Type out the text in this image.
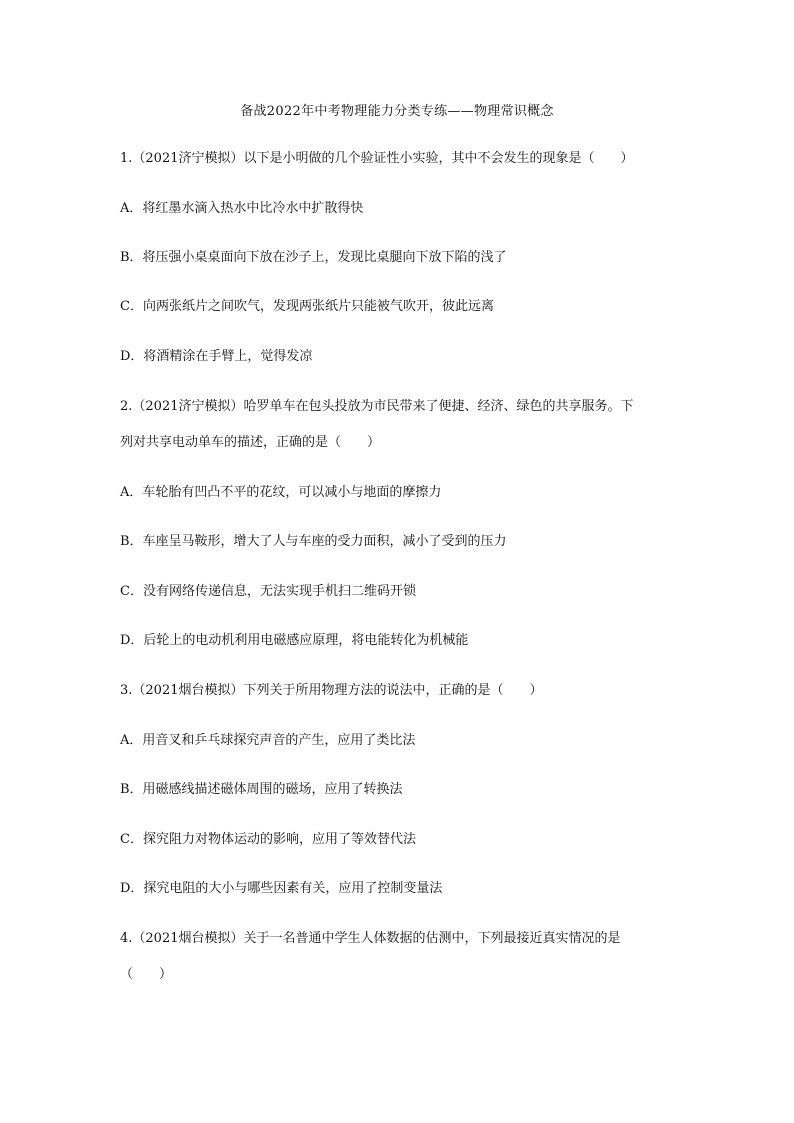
备战2022年中考物理能力分类专练——物理常识概念
1.（2021济宁模拟）以下是小明做的几个验证性小实验，其中不会发生的现象是（　　）
A．将红墨水滴入热水中比冷水中扩散得快
B．将压强小桌桌面向下放在沙子上，发现比桌腿向下放下陷的浅了
C．向两张纸片之间吹气，发现两张纸片只能被气吹开，彼此远离
D．将酒精涂在手臂上，觉得发凉
2.（2021济宁模拟）哈罗单车在包头投放为市民带来了便捷、经济、绿色的共享服务。下
列对共享电动单车的描述，正确的是（　　）
A．车轮胎有凹凸不平的花纹，可以减小与地面的摩擦力
B．车座呈马鞍形，增大了人与车座的受力面积，减小了受到的压力
C．没有网络传递信息，无法实现手机扫二维码开锁
D．后轮上的电动机利用电磁感应原理，将电能转化为机械能
3.（2021烟台模拟）下列关于所用物理方法的说法中，正确的是（　　）
A．用音叉和乒乓球探究声音的产生，应用了类比法
B．用磁感线描述磁体周围的磁场，应用了转换法
C．探究阻力对物体运动的影响，应用了等效替代法
D．探究电阻的大小与哪些因素有关，应用了控制变量法
4.（2021烟台模拟）关于一名普通中学生人体数据的估测中，下列最接近真实情况的是
（　　）
